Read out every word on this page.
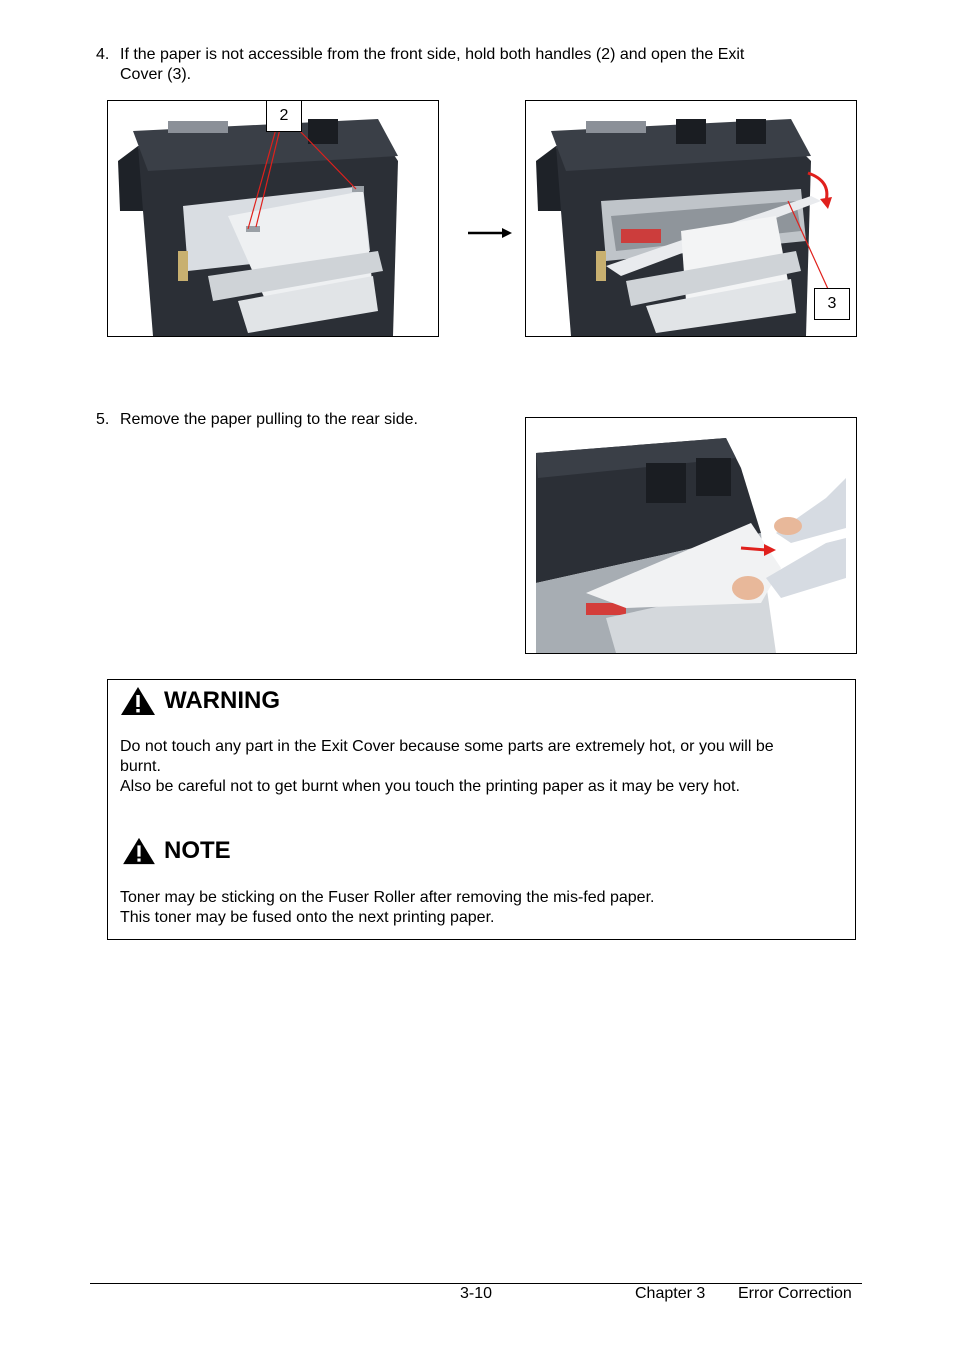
4. If the paper is not accessible from the front side, hold both handles (2) and open the Exit
Cover (3).
2
3
5. Remove the paper pulling to the rear side.
WARNING
Do not touch any part in the Exit Cover because some parts are extremely hot, or you will be
burnt.
Also be careful not to get burnt when you touch the printing paper as it may be very hot.
NOTE
Toner may be sticking on the Fuser Roller after removing the mis-fed paper.
This toner may be fused onto the next printing paper.
3-10	Chapter 3 Error Correction
